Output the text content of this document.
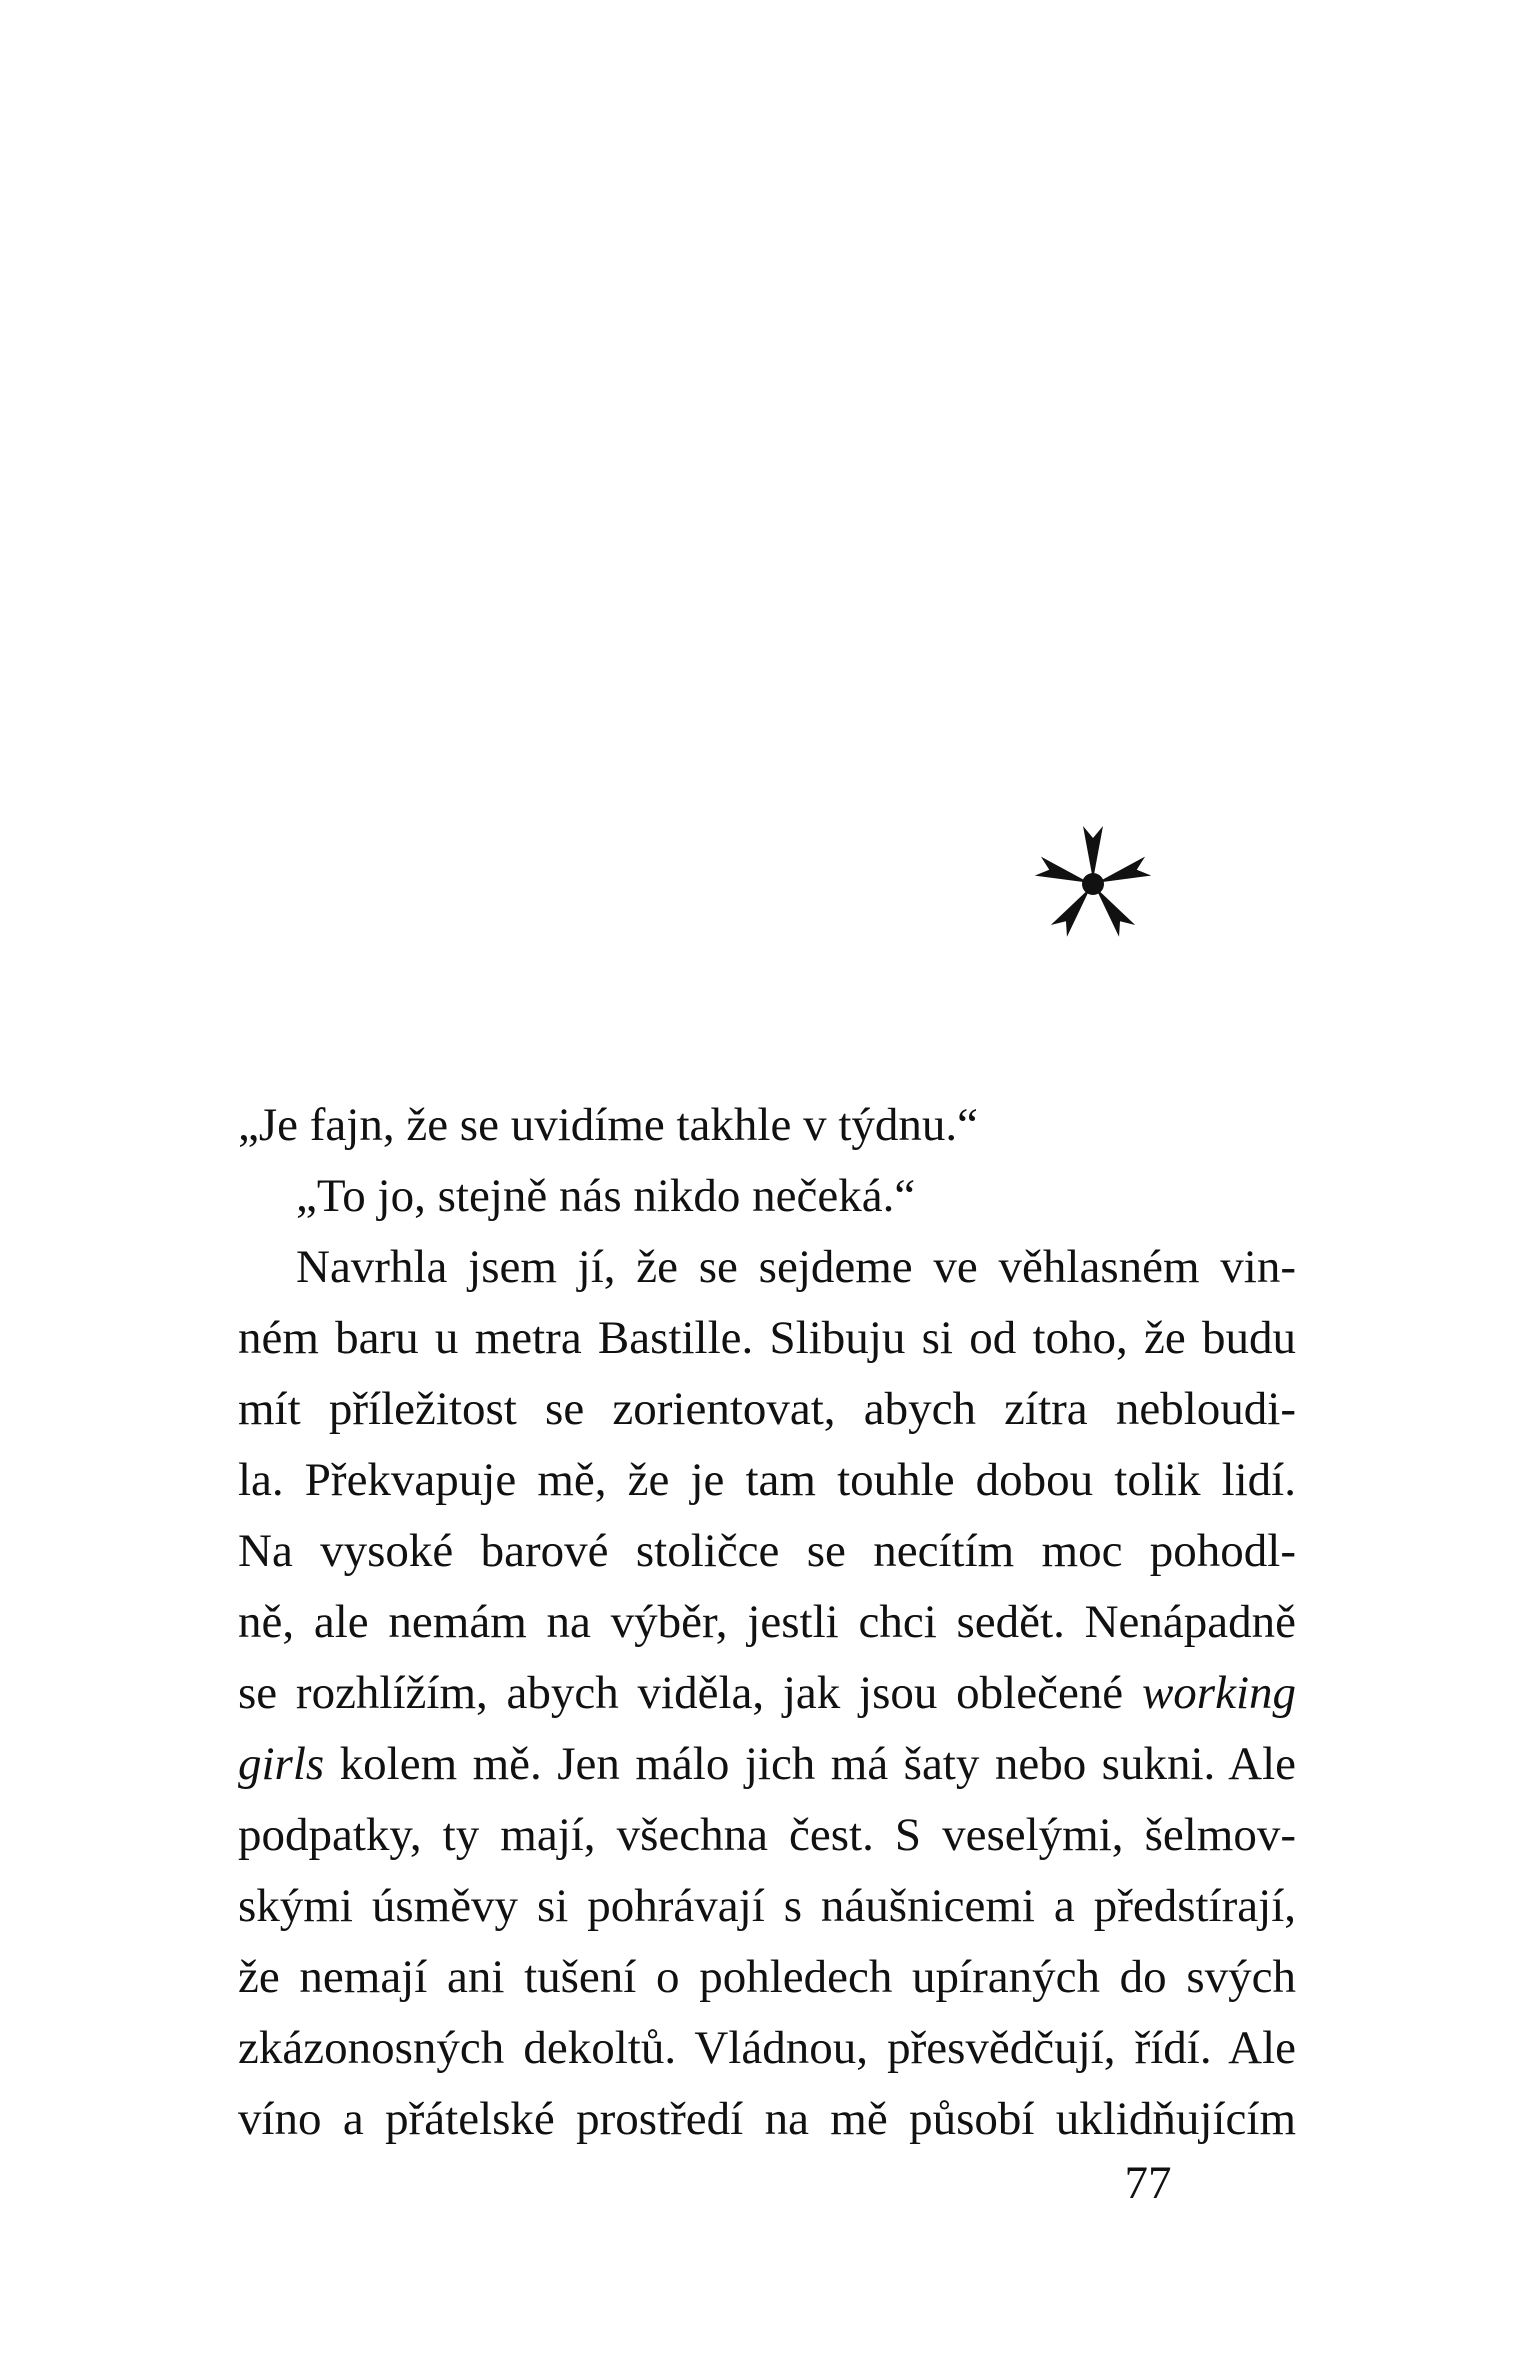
„Je fajn, že se uvidíme takhle v týdnu.“
„To jo, stejně nás nikdo nečeká.“
Navrhla jsem jí, že se sejdeme ve věhlasném vin-
ném baru u metra Bastille. Slibuju si od toho, že budu
mít příležitost se zorientovat, abych zítra nebloudi-
la. Překvapuje mě, že je tam touhle dobou tolik lidí.
Na vysoké barové stoličce se necítím moc pohodl-
ně, ale nemám na výběr, jestli chci sedět. Nenápadně
se rozhlížím, abych viděla, jak jsou oblečené working
girls kolem mě. Jen málo jich má šaty nebo sukni. Ale
podpatky, ty mají, všechna čest. S veselými, šelmov-
skými úsměvy si pohrávají s náušnicemi a předstírají,
že nemají ani tušení o pohledech upíraných do svých
zkázonosných dekoltů. Vládnou, přesvědčují, řídí. Ale
víno a přátelské prostředí na mě působí uklidňujícím
77
